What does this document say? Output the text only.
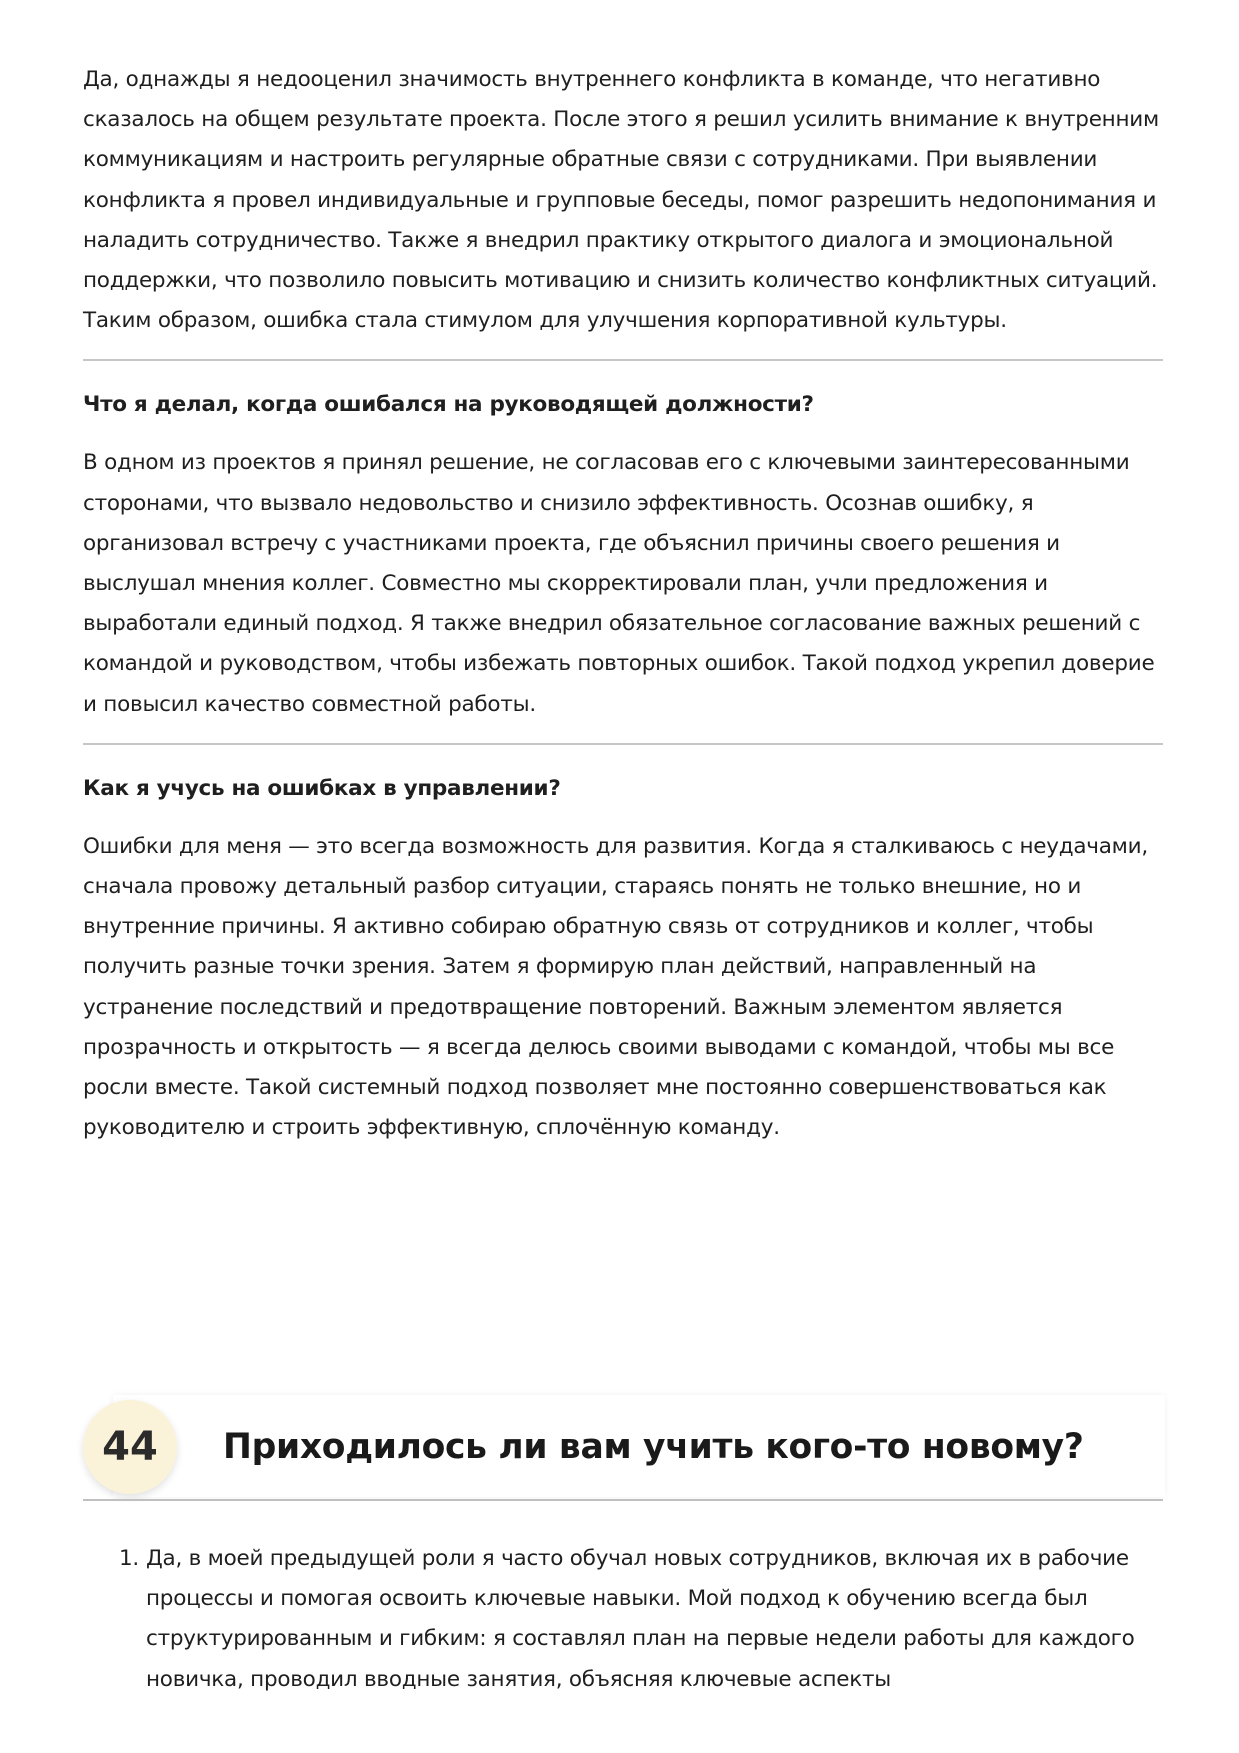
Да, однажды я недооценил значимость внутреннего конфликта в команде, что негативно сказалось на общем результате проекта. После этого я решил усилить внимание к внутренним коммуникациям и настроить регулярные обратные связи с сотрудниками. При выявлении конфликта я провел индивидуальные и групповые беседы, помог разрешить недопонимания и наладить сотрудничество. Также я внедрил практику открытого диалога и эмоциональной поддержки, что позволило повысить мотивацию и снизить количество конфликтных ситуаций. Таким образом, ошибка стала стимулом для улучшения корпоративной культуры.

Что я делал, когда ошибался на руководящей должности?

В одном из проектов я принял решение, не согласовав его с ключевыми заинтересованными сторонами, что вызвало недовольство и снизило эффективность. Осознав ошибку, я организовал встречу с участниками проекта, где объяснил причины своего решения и выслушал мнения коллег. Совместно мы скорректировали план, учли предложения и выработали единый подход. Я также внедрил обязательное согласование важных решений с командой и руководством, чтобы избежать повторных ошибок. Такой подход укрепил доверие и повысил качество совместной работы.

Как я учусь на ошибках в управлении?

Ошибки для меня — это всегда возможность для развития. Когда я сталкиваюсь с неудачами, сначала провожу детальный разбор ситуации, стараясь понять не только внешние, но и внутренние причины. Я активно собираю обратную связь от сотрудников и коллег, чтобы получить разные точки зрения. Затем я формирую план действий, направленный на устранение последствий и предотвращение повторений. Важным элементом является прозрачность и открытость — я всегда делюсь своими выводами с командой, чтобы мы все росли вместе. Такой системный подход позволяет мне постоянно совершенствоваться как руководителю и строить эффективную, сплочённую команду.

44	Приходилось ли вам учить кого-то новому?
1. Да, в моей предыдущей роли я часто обучал новых сотрудников, включая их в рабочие процессы и помогая освоить ключевые навыки. Мой подход к обучению всегда был структурированным и гибким: я составлял план на первые недели работы для каждого новичка, проводил вводные занятия, объясняя ключевые аспекты
